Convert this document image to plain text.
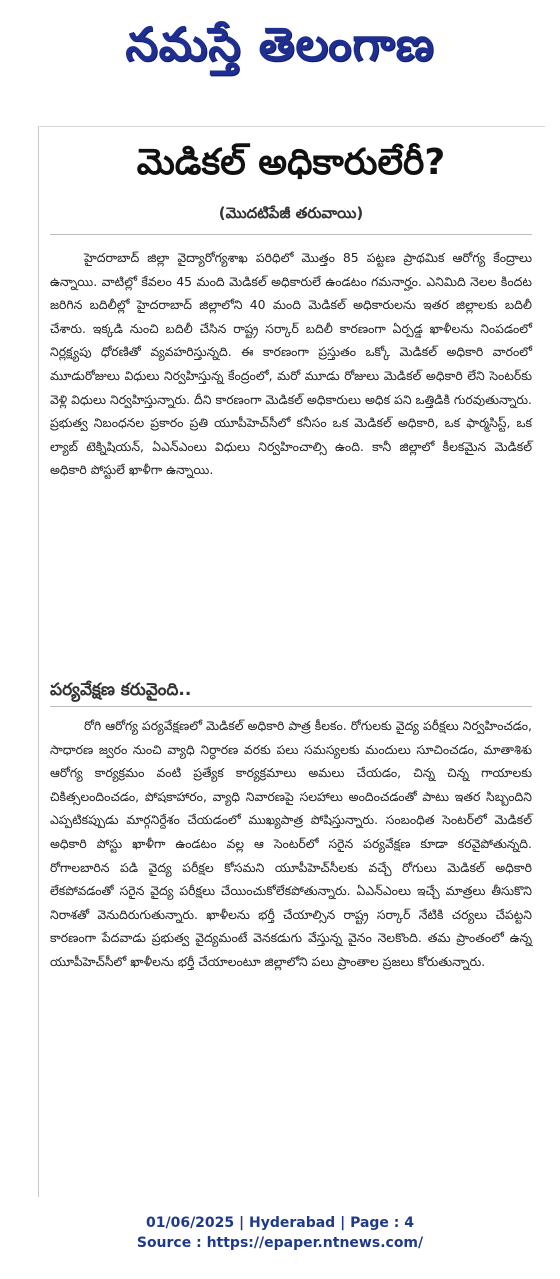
నమస్తే తెలంగాణ
మెడికల్ అధికారులేరీ?
(మొదటిపేజీ తరువాయి)

హైదరాబాద్ జిల్లా వైద్యారోగ్యశాఖ పరిధిలో మొత్తం 85 పట్టణ ప్రాథమిక ఆరోగ్య కేంద్రాలు ఉన్నాయి. వాటిల్లో కేవలం 45 మంది మెడికల్ అధికారులే ఉండటం గమనార్హం. ఎనిమిది నెలల కిందట జరిగిన బదిలీల్లో హైదరాబాద్ జిల్లాలోని 40 మంది మెడికల్ అధికారులను ఇతర జిల్లాలకు బదిలీ చేశారు. ఇక్కడి నుంచి బదిలీ చేసిన రాష్ట్ర సర్కార్ బదిలీ కారణంగా ఏర్పడ్డ ఖాళీలను నింపడంలో నిర్లక్ష్యపు ధోరణితో వ్యవహరిస్తున్నది. ఈ కారణంగా ప్రస్తుతం ఒక్కో మెడికల్ అధికారి వారంలో మూడురోజులు విధులు నిర్వహిస్తున్న కేంద్రంలో, మరో మూడు రోజులు మెడికల్ అధికారి లేని సెంటర్‌కు వెళ్లి విధులు నిర్వహిస్తున్నారు. దీని కారణంగా మెడికల్ అధికారులు అధిక పని ఒత్తిడికి గురవుతున్నారు. ప్రభుత్వ నిబంధనల ప్రకారం ప్రతి యూపీహెచ్‌సీలో కనీసం ఒక మెడికల్ అధికారి, ఒక ఫార్మసిస్ట్, ఒక ల్యాబ్ టెక్నిషియన్, ఏఎన్ఎంలు విధులు నిర్వహించాల్సి ఉంది. కానీ జిల్లాలో కీలకమైన మెడికల్ అధికారి పోస్టులే ఖాళీగా ఉన్నాయి.

పర్యవేక్షణ కరువైంది..

రోగి ఆరోగ్య పర్యవేక్షణలో మెడికల్ అధికారి పాత్ర కీలకం. రోగులకు వైద్య పరీక్షలు నిర్వహించడం, సాధారణ జ్వరం నుంచి వ్యాధి నిర్ధారణ వరకు పలు సమస్యలకు మందులు సూచించడం, మాతాశిశు ఆరోగ్య కార్యక్రమం వంటి ప్రత్యేక కార్యక్రమాలు అమలు చేయడం, చిన్న చిన్న గాయాలకు చికిత్సలందించడం, పోషకాహారం, వ్యాధి నివారణపై సలహాలు అందించడంతో పాటు ఇతర సిబ్బందిని ఎప్పటికప్పుడు మార్గనిర్దేశం చేయడంలో ముఖ్యపాత్ర పోషిస్తున్నారు. సంబంధిత సెంటర్‌లో మెడికల్ అధికారి పోస్టు ఖాళీగా ఉండటం వల్ల ఆ సెంటర్‌లో సరైన పర్యవేక్షణ కూడా కరవైపోతున్నది. రోగాలబారిన పడి వైద్య పరీక్షల కోసమని యూపీహెచ్‌సీలకు వచ్చే రోగులు మెడికల్ అధికారి లేకపోవడంతో సరైన వైద్య పరీక్షలు చేయించుకోలేకపోతున్నారు. ఏఎన్ఎంలు ఇచ్చే మాత్రలు తీసుకొని నిరాశతో వెనుదిరుగుతున్నారు. ఖాళీలను భర్తీ చేయాల్సిన రాష్ట్ర సర్కార్ నేటికి చర్యలు చేపట్టని కారణంగా పేదవాడు ప్రభుత్వ వైద్యమంటే వెనకడుగు వేస్తున్న వైనం నెలకొంది. తమ ప్రాంతంలో ఉన్న యూపీహెచ్‌సీలో ఖాళీలను భర్తీ చేయాలంటూ జిల్లాలోని పలు ప్రాంతాల ప్రజలు కోరుతున్నారు.

01/06/2025 | Hyderabad | Page : 4
Source : https://epaper.ntnews.com/
